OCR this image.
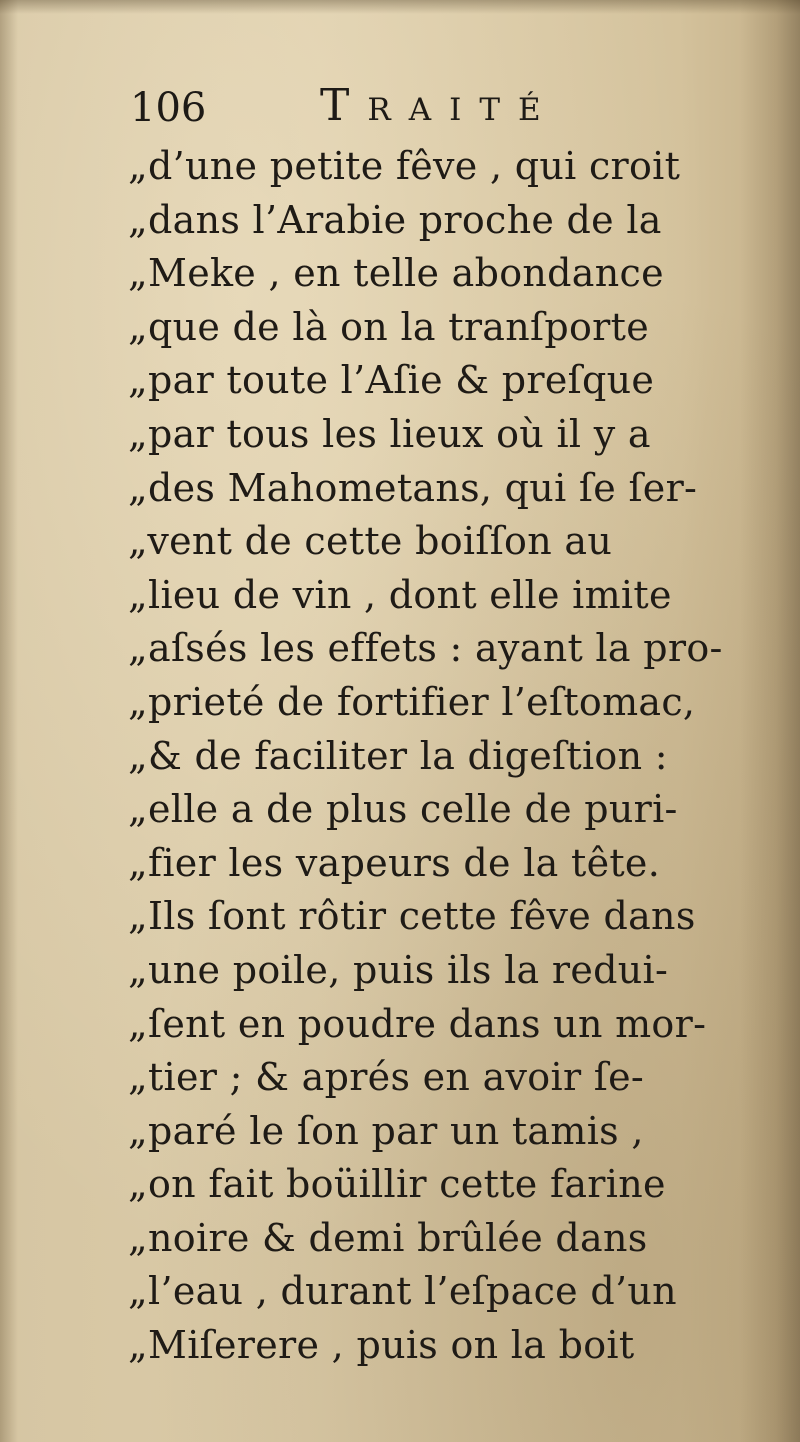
106	Traité
„d’une petite fêve , qui croit
„dans l’Arabie proche de la
„Meke , en telle abondance
„que de là on la tranſporte
„par toute l’Aſie & preſque
„par tous les lieux où il y a
„des Mahometans, qui ſe ſer-
„vent de cette boiſſon au
„lieu de vin , dont elle imite
„aſsés les effets : ayant la pro-
„prieté de fortifier l’eſtomac,
„& de faciliter la digeſtion :
„elle a de plus celle de puri-
„fier les vapeurs de la tête.
„Ils ſont rôtir cette fêve dans
„une poile, puis ils la redui-
„ſent en poudre dans un mor-
„tier ; & aprés en avoir ſe-
„paré le ſon par un tamis ,
„on fait boüillir cette farine
„noire & demi brûlée dans
„l’eau , durant l’eſpace d’un
„Miſerere , puis on la boit
